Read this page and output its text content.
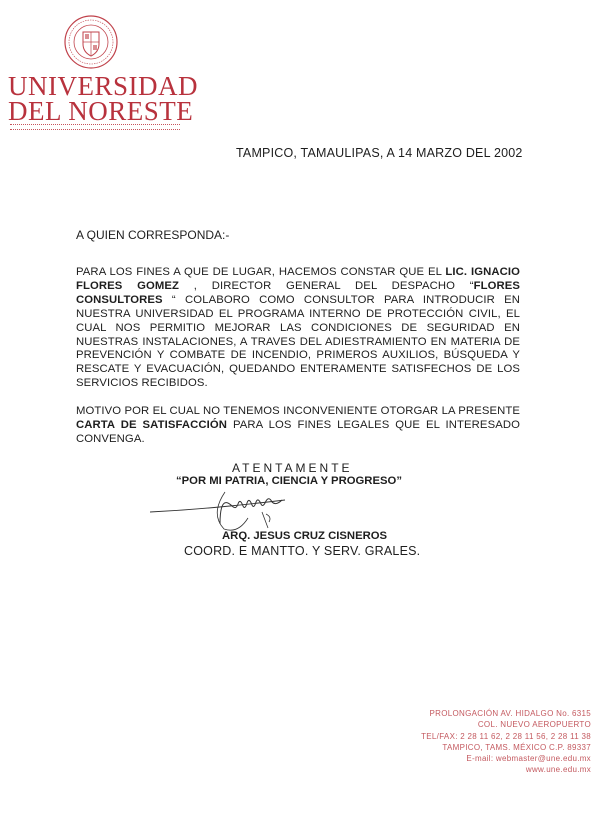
UNIVERSIDAD
DEL NORESTE
TAMPICO, TAMAULIPAS, A 14 MARZO DEL 2002
A QUIEN CORRESPONDA:-
PARA LOS FINES A QUE DE LUGAR, HACEMOS CONSTAR QUE EL LIC. IGNACIO FLORES GOMEZ , DIRECTOR GENERAL DEL DESPACHO “FLORES CONSULTORES “ COLABORO COMO CONSULTOR PARA INTRODUCIR EN NUESTRA UNIVERSIDAD EL PROGRAMA INTERNO DE PROTECCIÓN CIVIL, EL CUAL NOS PERMITIO MEJORAR LAS CONDICIONES DE SEGURIDAD EN NUESTRAS INSTALACIONES, A TRAVES DEL ADIESTRAMIENTO EN MATERIA DE PREVENCIÓN Y COMBATE DE INCENDIO, PRIMEROS AUXILIOS, BÚSQUEDA Y RESCATE Y EVACUACIÓN, QUEDANDO ENTERAMENTE SATISFECHOS DE LOS SERVICIOS RECIBIDOS.
MOTIVO POR EL CUAL NO TENEMOS INCONVENIENTE OTORGAR LA PRESENTE CARTA DE SATISFACCIÓN PARA LOS FINES LEGALES QUE EL INTERESADO CONVENGA.
ATENTAMENTE
“POR MI PATRIA, CIENCIA Y PROGRESO”
ARQ. JESUS CRUZ CISNEROS
COORD. E MANTTO. Y SERV. GRALES.
PROLONGACIÓN AV. HIDALGO No. 6315
COL. NUEVO AEROPUERTO
TEL/FAX: 2 28 11 62, 2 28 11 56, 2 28 11 38
TAMPICO, TAMS. MÉXICO C.P. 89337
E-mail: webmaster@une.edu.mx
www.une.edu.mx
